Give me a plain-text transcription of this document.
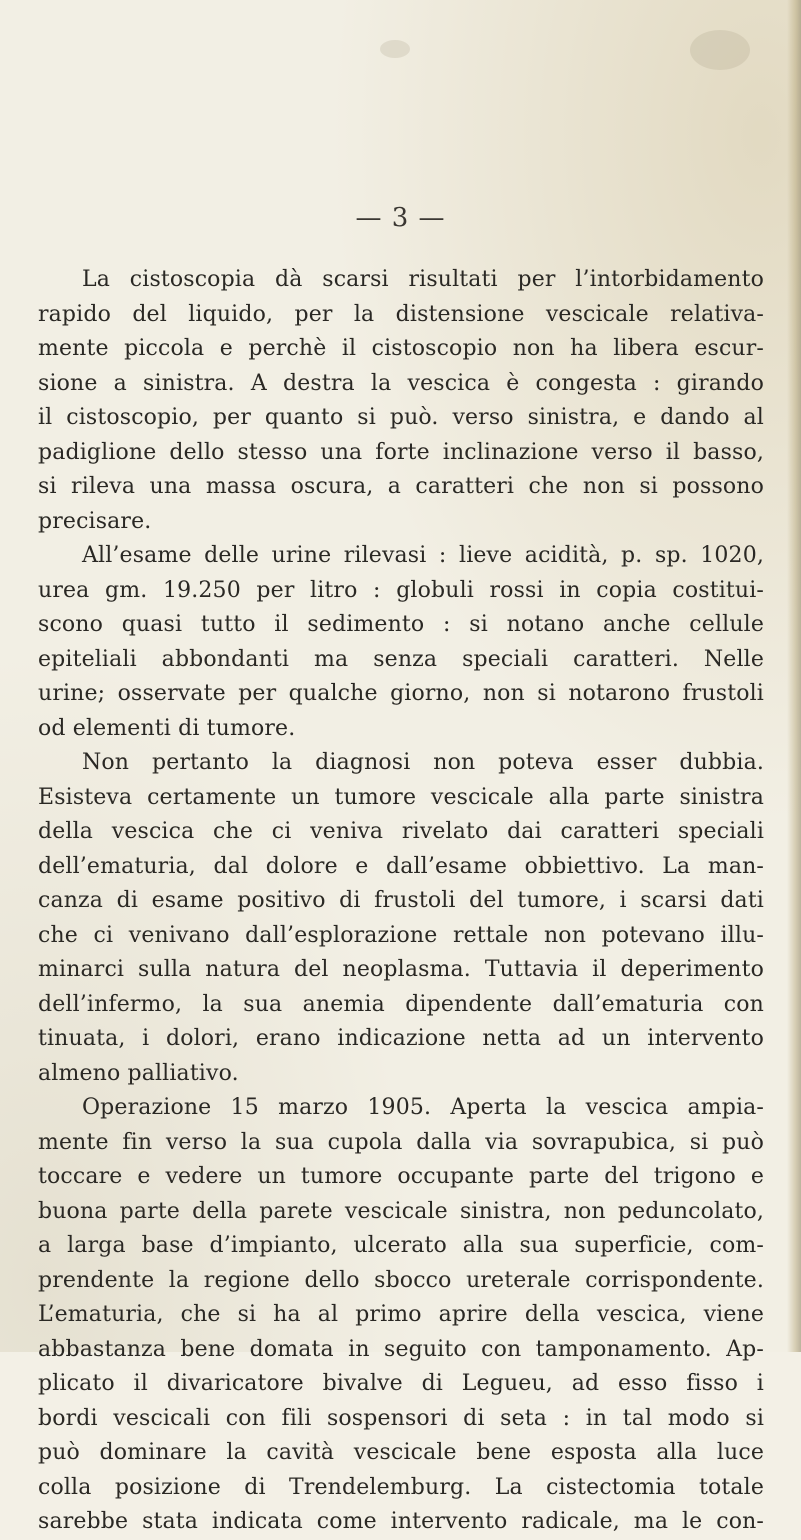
— 3 —
La cistoscopia dà scarsi risultati per l’intorbidamento
rapido del liquido, per la distensione vescicale relativa-
mente piccola e perchè il cistoscopio non ha libera escur-
sione a sinistra. A destra la vescica è congesta : girando
il cistoscopio, per quanto si può. verso sinistra, e dando al
padiglione dello stesso una forte inclinazione verso il basso,
si rileva una massa oscura, a caratteri che non si possono
precisare.
All’esame delle urine rilevasi : lieve acidità, p. sp. 1020,
urea gm. 19.250 per litro : globuli rossi in copia costitui-
scono quasi tutto il sedimento : si notano anche cellule
epiteliali abbondanti ma senza speciali caratteri. Nelle
urine; osservate per qualche giorno, non si notarono frustoli
od elementi di tumore.
Non pertanto la diagnosi non poteva esser dubbia.
Esisteva certamente un tumore vescicale alla parte sinistra
della vescica che ci veniva rivelato dai caratteri speciali
dell’ematuria, dal dolore e dall’esame obbiettivo. La man-
canza di esame positivo di frustoli del tumore, i scarsi dati
che ci venivano dall’esplorazione rettale non potevano illu-
minarci sulla natura del neoplasma. Tuttavia il deperimento
dell’infermo, la sua anemia dipendente dall’ematuria con
tinuata, i dolori, erano indicazione netta ad un intervento
almeno palliativo.
Operazione 15 marzo 1905. Aperta la vescica ampia-
mente fin verso la sua cupola dalla via sovrapubica, si può
toccare e vedere un tumore occupante parte del trigono e
buona parte della parete vescicale sinistra, non peduncolato,
a larga base d’impianto, ulcerato alla sua superficie, com-
prendente la regione dello sbocco ureterale corrispondente.
L’ematuria, che si ha al primo aprire della vescica, viene
abbastanza bene domata in seguito con tamponamento. Ap-
plicato il divaricatore bivalve di Legueu, ad esso fisso i
bordi vescicali con fili sospensori di seta : in tal modo si
può dominare la cavità vescicale bene esposta alla luce
colla posizione di Trendelemburg. La cistectomia totale
sarebbe stata indicata come intervento radicale, ma le con-
